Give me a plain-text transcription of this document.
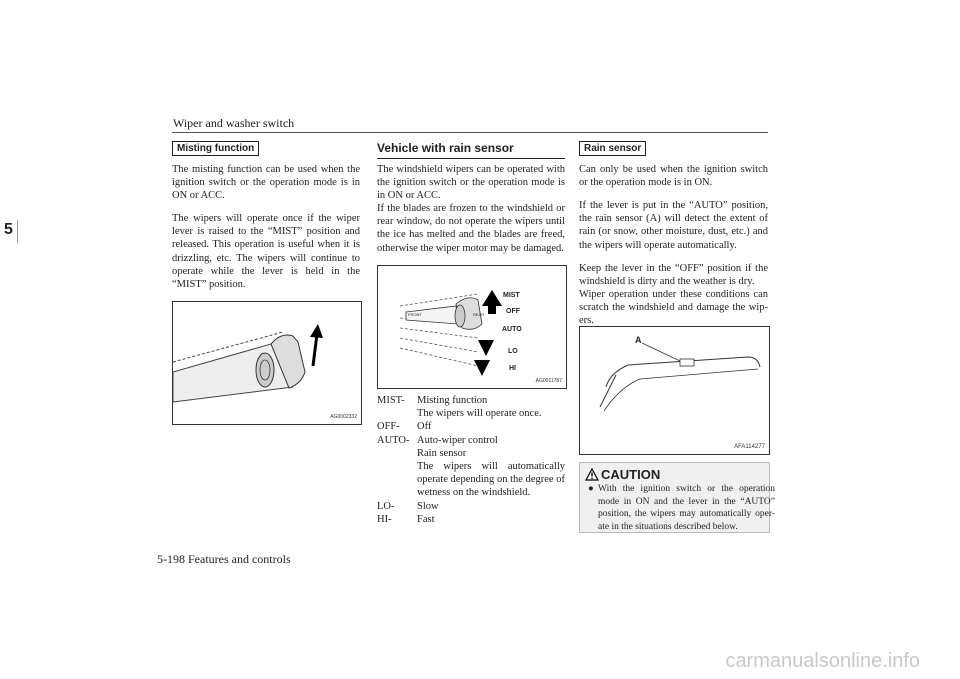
Wiper and washer switch
5-198 Features and controls
5
Misting function
The misting function can be used when the ignition switch or the operation mode is in ON or ACC.
The wipers will operate once if the wiper lever is raised to the “MIST” position and released. This operation is useful when it is drizzling, etc. The wipers will continue to operate while the lever is held in the “MIST” position.
AG0002332
Vehicle with rain sensor
The windshield wipers can be operated with the ignition switch or the operation mode is in ON or ACC.
If the blades are frozen to the windshield or rear window, do not operate the wipers until the ice has melted and the blades are freed, otherwise the wiper motor may be damaged.
FRONT	REAR
MIST
OFF
AUTO
LO
HI
AG0011787
MIST-	Misting function
The wipers will operate once.
OFF-	Off
AUTO- Auto-wiper control
Rain sensor
The wipers will automatically operate depending on the degree of wetness on the windshield.
LO-	Slow
HI-	Fast
Rain sensor
Can only be used when the ignition switch or the operation mode is in ON.
If the lever is put in the “AUTO” position, the rain sensor (A) will detect the extent of rain (or snow, other moisture, dust, etc.) and the wipers will operate automatically.
Keep the lever in the “OFF” position if the windshield is dirty and the weather is dry.
Wiper operation under these conditions can scratch the windshield and damage the wip-ers.
A
AFA114277
CAUTION
● With the ignition switch or the operation mode in ON and the lever in the “AUTO” position, the wipers may automatically oper-ate in the situations described below.
carmanualsonline.info
